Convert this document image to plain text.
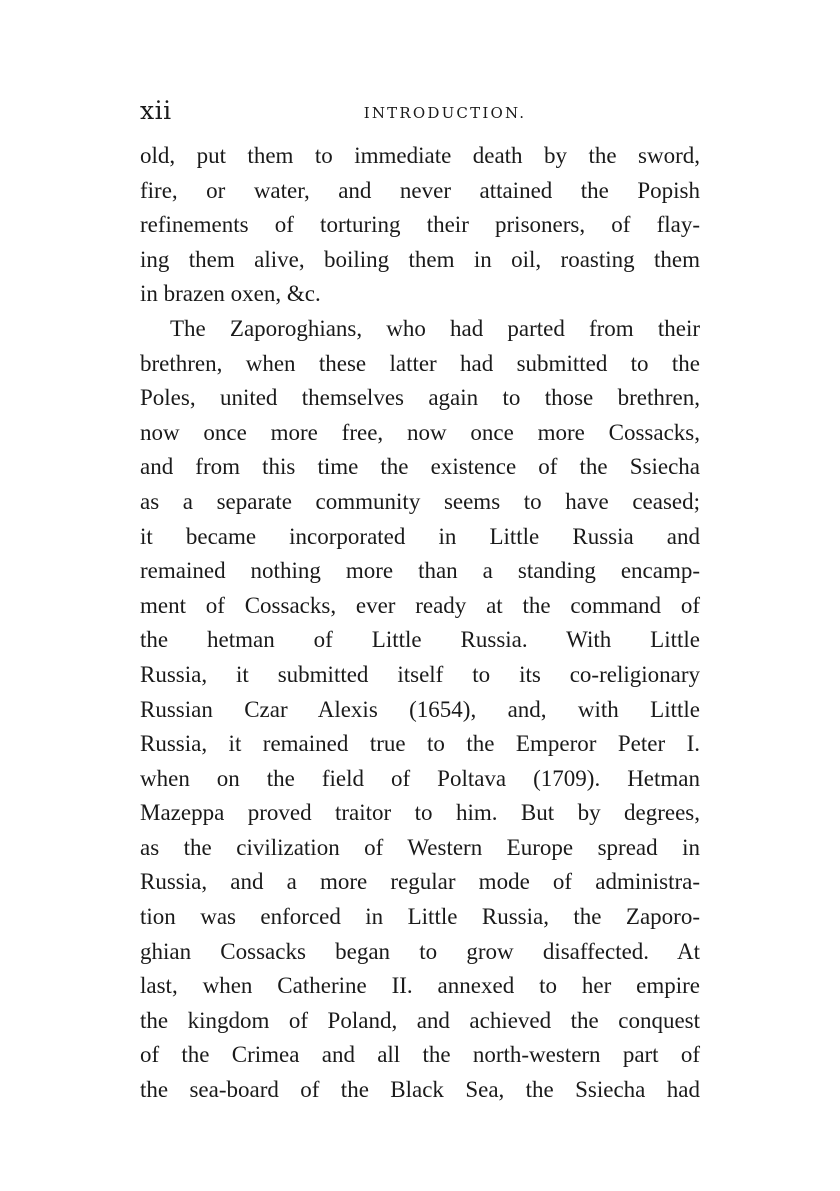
xii	INTRODUCTION.
old, put them to immediate death by the sword,
fire, or water, and never attained the Popish
refinements of torturing their prisoners, of flay-
ing them alive, boiling them in oil, roasting them
in brazen oxen, &c.
The Zaporoghians, who had parted from their
brethren, when these latter had submitted to the
Poles, united themselves again to those brethren,
now once more free, now once more Cossacks,
and from this time the existence of the Ssiecha
as a separate community seems to have ceased;
it became incorporated in Little Russia and
remained nothing more than a standing encamp-
ment of Cossacks, ever ready at the command of
the hetman of Little Russia. With Little
Russia, it submitted itself to its co-religionary
Russian Czar Alexis (1654), and, with Little
Russia, it remained true to the Emperor Peter I.
when on the field of Poltava (1709). Hetman
Mazeppa proved traitor to him. But by degrees,
as the civilization of Western Europe spread in
Russia, and a more regular mode of administra-
tion was enforced in Little Russia, the Zaporo-
ghian Cossacks began to grow disaffected. At
last, when Catherine II. annexed to her empire
the kingdom of Poland, and achieved the conquest
of the Crimea and all the north-western part of
the sea-board of the Black Sea, the Ssiecha had
